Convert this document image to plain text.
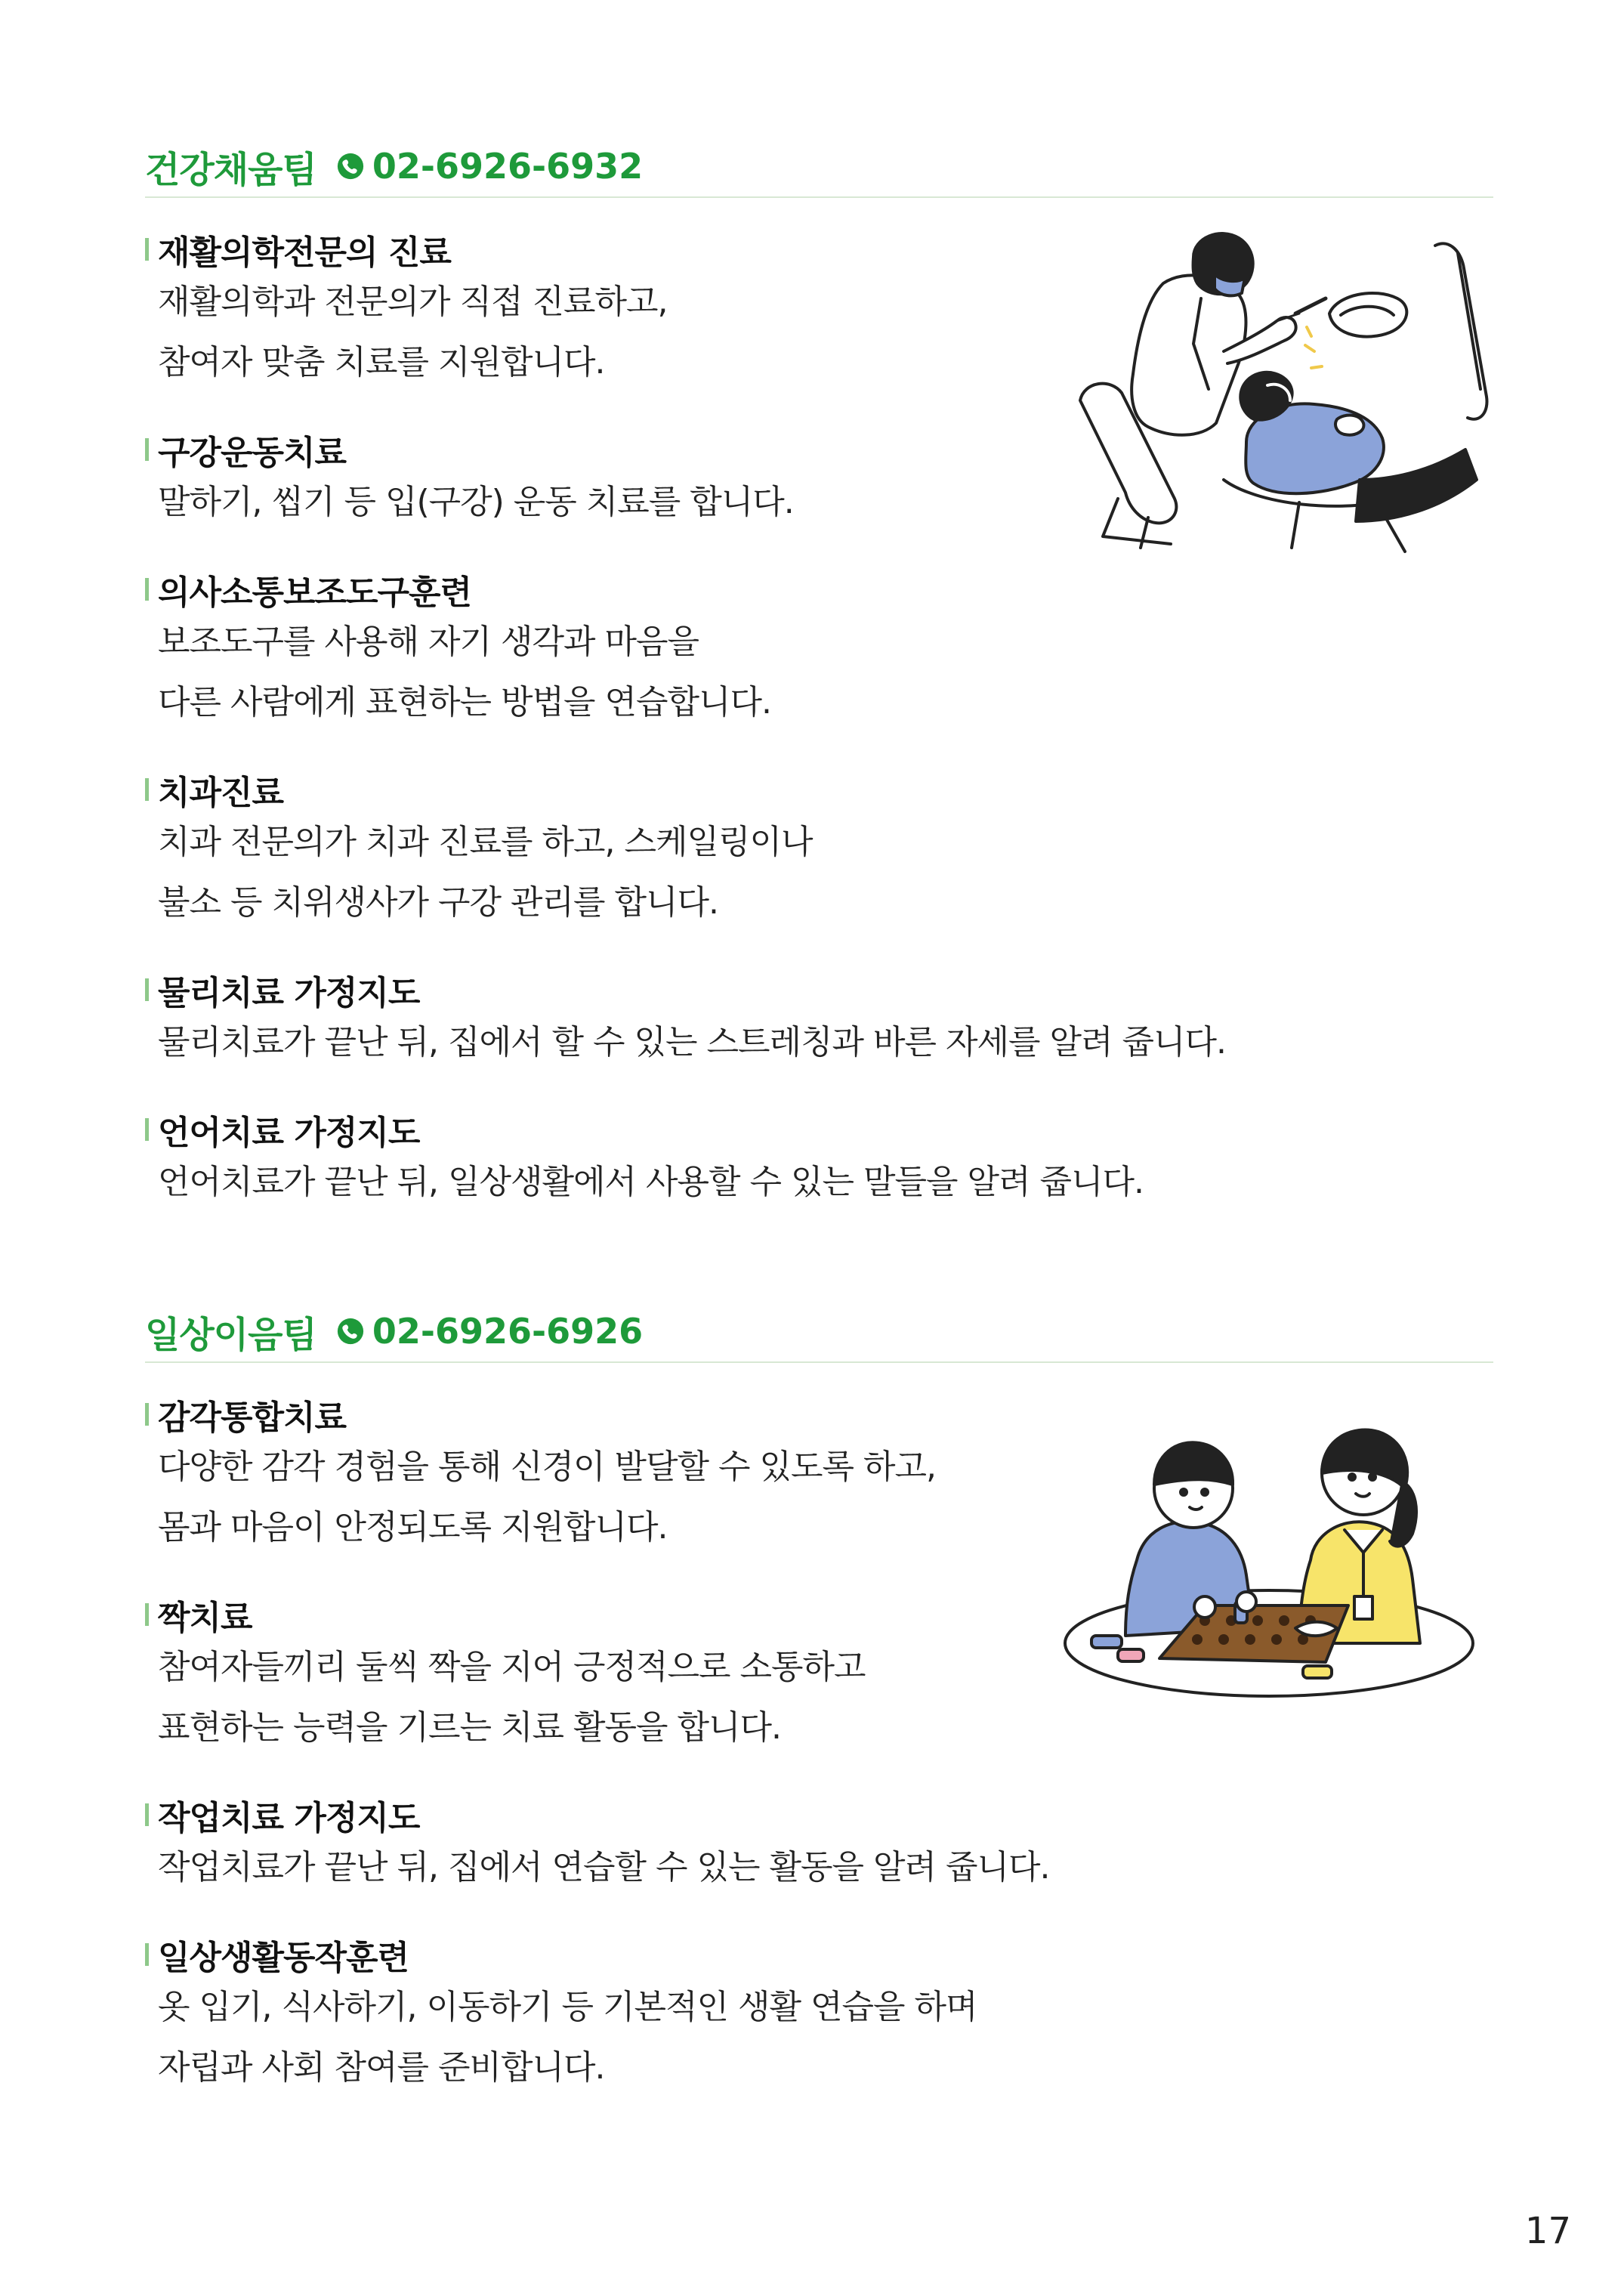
건강채움팀 02-6926-6932
재활의학전문의 진료
재활의학과 전문의가 직접 진료하고,
참여자 맞춤 치료를 지원합니다.
구강운동치료
말하기, 씹기 등 입(구강) 운동 치료를 합니다.
의사소통보조도구훈련
보조도구를 사용해 자기 생각과 마음을
다른 사람에게 표현하는 방법을 연습합니다.
치과진료
치과 전문의가 치과 진료를 하고, 스케일링이나
불소 등 치위생사가 구강 관리를 합니다.
물리치료 가정지도
물리치료가 끝난 뒤, 집에서 할 수 있는 스트레칭과 바른 자세를 알려 줍니다.
언어치료 가정지도
언어치료가 끝난 뒤, 일상생활에서 사용할 수 있는 말들을 알려 줍니다.
일상이음팀 02-6926-6926
감각통합치료
다양한 감각 경험을 통해 신경이 발달할 수 있도록 하고,
몸과 마음이 안정되도록 지원합니다.
짝치료
참여자들끼리 둘씩 짝을 지어 긍정적으로 소통하고
표현하는 능력을 기르는 치료 활동을 합니다.
작업치료 가정지도
작업치료가 끝난 뒤, 집에서 연습할 수 있는 활동을 알려 줍니다.
일상생활동작훈련
옷 입기, 식사하기, 이동하기 등 기본적인 생활 연습을 하며
자립과 사회 참여를 준비합니다.
17
